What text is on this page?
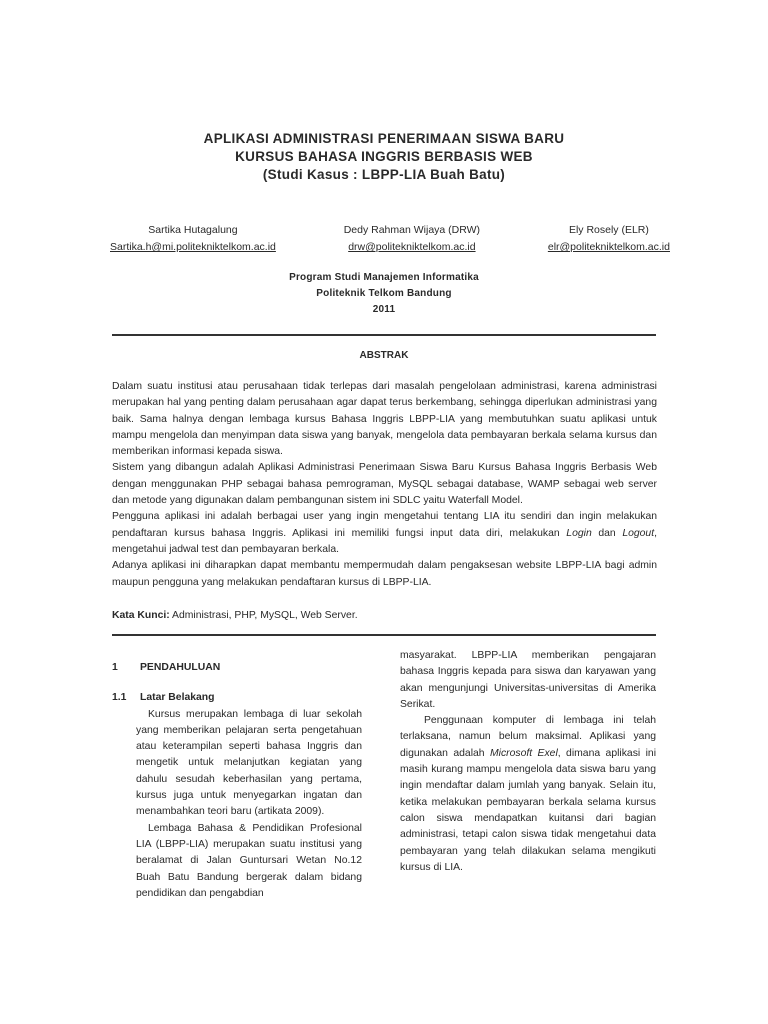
APLIKASI ADMINISTRASI PENERIMAAN SISWA BARU
KURSUS BAHASA INGGRIS BERBASIS WEB
(Studi Kasus : LBPP-LIA Buah Batu)
Sartika Hutagalung
Sartika.h@mi.politekniktelkom.ac.id
Dedy Rahman Wijaya (DRW)
drw@politekniktelkom.ac.id
Ely Rosely (ELR)
elr@politekniktelkom.ac.id
Program Studi Manajemen Informatika
Politeknik Telkom Bandung
2011
ABSTRAK

Dalam suatu institusi atau perusahaan tidak terlepas dari masalah pengelolaan administrasi, karena administrasi merupakan hal yang penting dalam perusahaan agar dapat terus berkembang, sehingga diperlukan administrasi yang baik. Sama halnya dengan lembaga kursus Bahasa Inggris LBPP-LIA yang membutuhkan suatu aplikasi untuk mampu mengelola dan menyimpan data siswa yang banyak, mengelola data pembayaran berkala selama kursus dan memberikan informasi kepada siswa.

Sistem yang dibangun adalah Aplikasi Administrasi Penerimaan Siswa Baru Kursus Bahasa Inggris Berbasis Web dengan menggunakan PHP sebagai bahasa pemrograman, MySQL sebagai database, WAMP sebagai web server dan metode yang digunakan dalam pembangunan sistem ini SDLC yaitu Waterfall Model.

Pengguna aplikasi ini adalah berbagai user yang ingin mengetahui tentang LIA itu sendiri dan ingin melakukan pendaftaran kursus bahasa Inggris. Aplikasi ini memiliki fungsi input data diri, melakukan Login dan Logout, mengetahui jadwal test dan pembayaran berkala.

Adanya aplikasi ini diharapkan dapat membantu mempermudah dalam pengaksesan website LBPP-LIA bagi admin maupun pengguna yang melakukan pendaftaran kursus di LBPP-LIA.

Kata Kunci: Administrasi, PHP, MySQL, Web Server.
1	PENDAHULUAN
1.1	Latar Belakang

Kursus merupakan lembaga di luar sekolah yang memberikan pelajaran serta pengetahuan atau keterampilan seperti bahasa Inggris dan mengetik untuk melanjutkan kegiatan yang dahulu sesudah keberhasilan yang pertama, kursus juga untuk menyegarkan ingatan dan menambahkan teori baru (artikata 2009).

Lembaga Bahasa & Pendidikan Profesional LIA (LBPP-LIA) merupakan suatu institusi yang beralamat di Jalan Guntursari Wetan No.12 Buah Batu Bandung bergerak dalam bidang pendidikan dan pengabdian

masyarakat. LBPP-LIA memberikan pengajaran bahasa Inggris kepada para siswa dan karyawan yang akan mengunjungi Universitas-universitas di Amerika Serikat.

Penggunaan komputer di lembaga ini telah terlaksana, namun belum maksimal. Aplikasi yang digunakan adalah Microsoft Exel, dimana aplikasi ini masih kurang mampu mengelola data siswa baru yang ingin mendaftar dalam jumlah yang banyak. Selain itu, ketika melakukan pembayaran berkala selama kursus calon siswa mendapatkan kuitansi dari bagian administrasi, tetapi calon siswa tidak mengetahui data pembayaran yang telah dilakukan selama mengikuti kursus di LIA.
